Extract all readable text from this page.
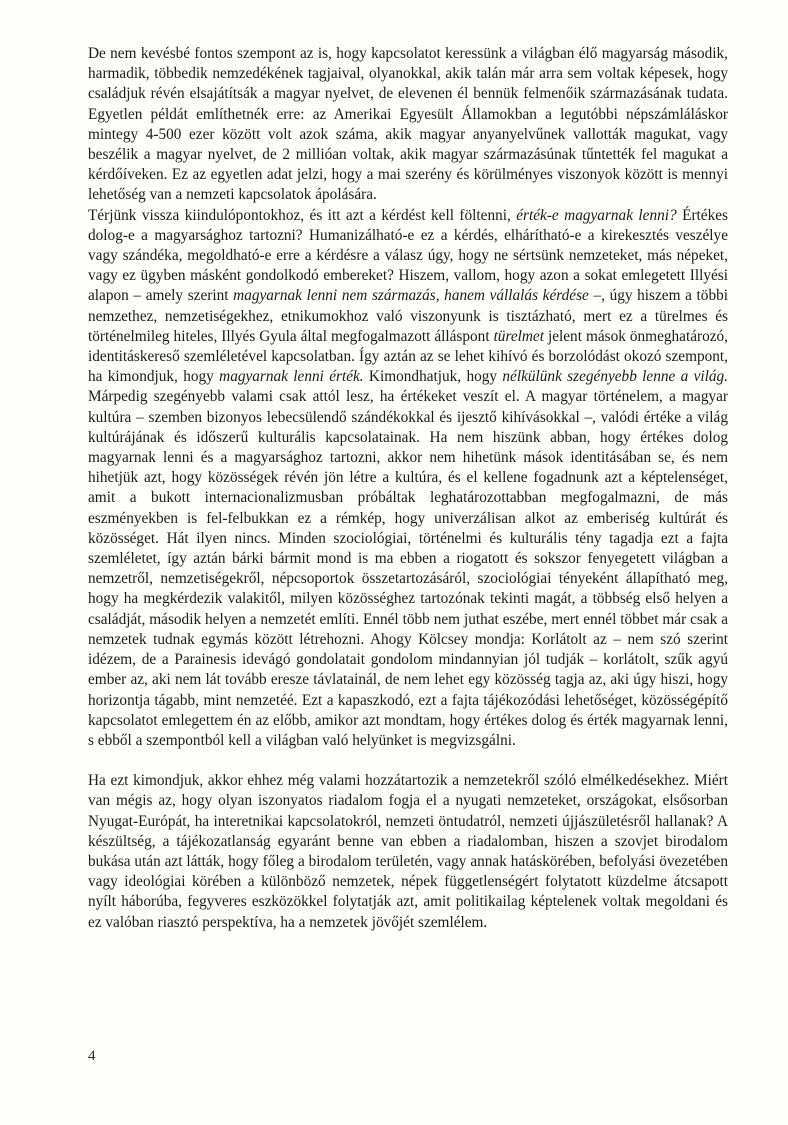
De nem kevésbé fontos szempont az is, hogy kapcsolatot keressünk a világban élő magyarság második, harmadik, többedik nemzedékének tagjaival, olyanokkal, akik talán már arra sem voltak képesek, hogy családjuk révén elsajátítsák a magyar nyelvet, de elevenen él bennük felmenőik származásának tudata. Egyetlen példát említhetnék erre: az Amerikai Egyesült Államokban a legutóbbi népszámláláskor mintegy 4-500 ezer között volt azok száma, akik magyar anyanyelvűnek vallották magukat, vagy beszélik a magyar nyelvet, de 2 millióan voltak, akik magyar származásúnak tűntették fel magukat a kérdőíveken. Ez az egyetlen adat jelzi, hogy a mai szerény és körülményes viszonyok között is mennyi lehetőség van a nemzeti kapcsolatok ápolására.

Térjünk vissza kiindulópontokhoz, és itt azt a kérdést kell föltenni, érték-e magyarnak lenni? Értékes dolog-e a magyarsághoz tartozni? Humanizálható-e ez a kérdés, elhárítható-e a kirekesztés veszélye vagy szándéka, megoldható-e erre a kérdésre a válasz úgy, hogy ne sértsünk nemzeteket, más népeket, vagy ez ügyben másként gondolkodó embereket? Hiszem, vallom, hogy azon a sokat emlegetett Illyési alapon – amely szerint magyarnak lenni nem származás, hanem vállalás kérdése –, úgy hiszem a többi nemzethez, nemzetiségekhez, etnikumokhoz való viszonyunk is tisztázható, mert ez a türelmes és történelmileg hiteles, Illyés Gyula által megfogalmazott álláspont türelmet jelent mások önmeghatározó, identitáskereső szemléletével kapcsolatban. Így aztán az se lehet kihívó és borzolódást okozó szempont, ha kimondjuk, hogy magyarnak lenni érték. Kimondhatjuk, hogy nélkülünk szegényebb lenne a világ. Márpedig szegényebb valami csak attól lesz, ha értékeket veszít el. A magyar történelem, a magyar kultúra – szemben bizonyos lebecsülendő szándékokkal és ijesztő kihívásokkal –, valódi értéke a világ kultúrájának és időszerű kulturális kapcsolatainak. Ha nem hiszünk abban, hogy értékes dolog magyarnak lenni és a magyarsághoz tartozni, akkor nem hihetünk mások identitásában se, és nem hihetjük azt, hogy közösségek révén jön létre a kultúra, és el kellene fogadnunk azt a képtelenséget, amit a bukott internacionalizmusban próbáltak leghatározottabban megfogalmazni, de más eszményekben is fel-felbukkan ez a rémkép, hogy univerzálisan alkot az emberiség kultúrát és közösséget. Hát ilyen nincs. Minden szociológiai, történelmi és kulturális tény tagadja ezt a fajta szemléletet, így aztán bárki bármit mond is ma ebben a riogatott és sokszor fenyegetett világban a nemzetről, nemzetiségekről, népcsoportok összetartozásáról, szociológiai tényeként állapítható meg, hogy ha megkérdezik valakitől, milyen közösséghez tartozónak tekinti magát, a többség első helyen a családját, második helyen a nemzetét említi. Ennél több nem juthat eszébe, mert ennél többet már csak a nemzetek tudnak egymás között létrehozni. Ahogy Kölcsey mondja: Korlátolt az – nem szó szerint idézem, de a Parainesis idevágó gondolatait gondolom mindannyian jól tudják – korlátolt, szűk agyú ember az, aki nem lát tovább eresze távlatainál, de nem lehet egy közösség tagja az, aki úgy hiszi, hogy horizontja tágabb, mint nemzetéé. Ezt a kapaszkodó, ezt a fajta tájékozódási lehetőséget, közösségépítő kapcsolatot emlegettem én az előbb, amikor azt mondtam, hogy értékes dolog és érték magyarnak lenni, s ebből a szempontból kell a világban való helyünket is megvizsgálni.

Ha ezt kimondjuk, akkor ehhez még valami hozzátartozik a nemzetekről szóló elmélkedésekhez. Miért van mégis az, hogy olyan iszonyatos riadalom fogja el a nyugati nemzeteket, országokat, elsősorban Nyugat-Európát, ha interetnikai kapcsolatokról, nemzeti öntudatról, nemzeti újjászületésről hallanak? A készültség, a tájékozatlanság egyaránt benne van ebben a riadalomban, hiszen a szovjet birodalom bukása után azt látták, hogy főleg a birodalom területén, vagy annak hatáskörében, befolyási övezetében vagy ideológiai körében a különböző nemzetek, népek függetlenségért folytatott küzdelme átcsapott nyílt háborúba, fegyveres eszközökkel folytatják azt, amit politikailag képtelenek voltak megoldani és ez valóban riasztó perspektíva, ha a nemzetek jövőjét szemlélem.

4
